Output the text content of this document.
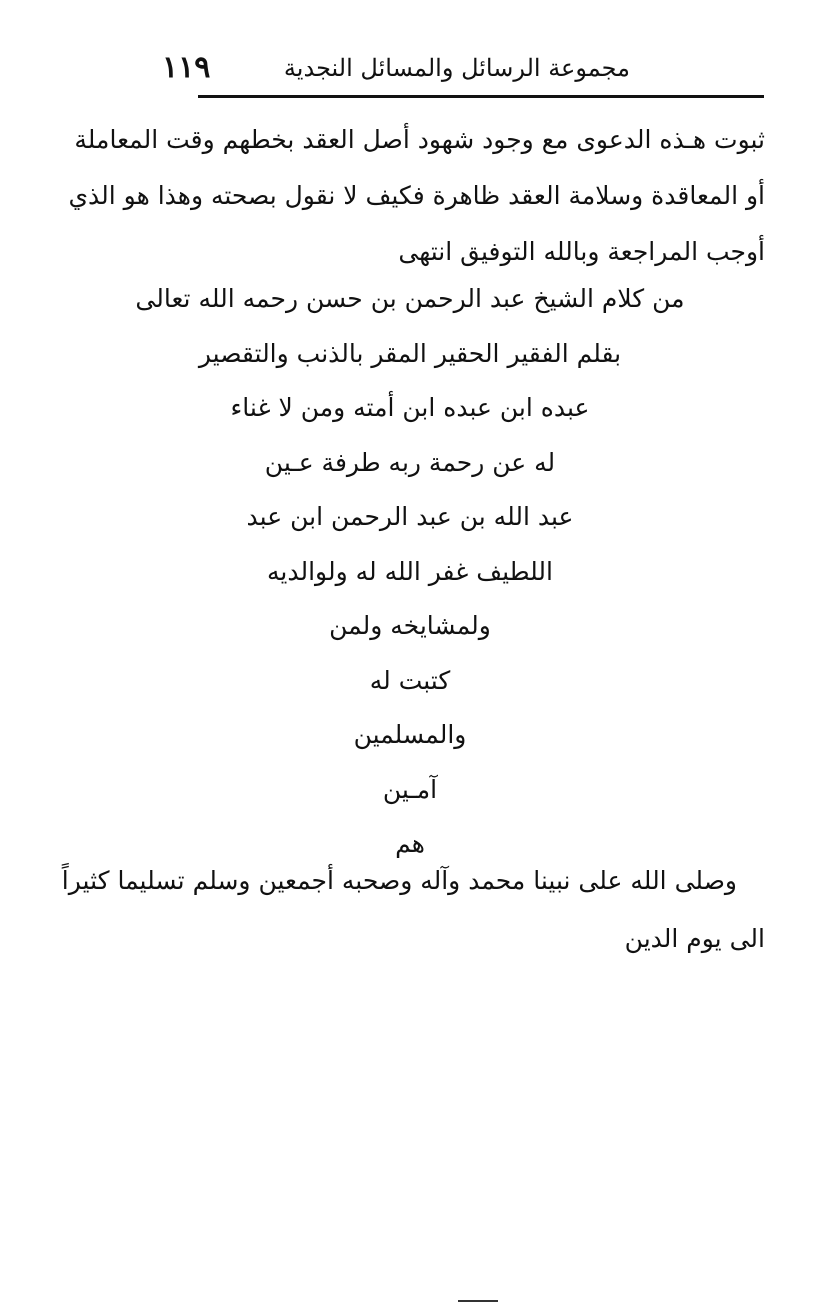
مجموعة الرسائل والمسائل النجدية
١١٩
ثبوت هـذه الدعوى مع وجود شهود أصل العقد بخطهم وقت المعاملة
أو المعاقدة وسلامة العقد ظاهرة فكيف لا نقول بصحته وهذا هو الذي
أوجب المراجعة وبالله التوفيق انتهى
من كلام الشيخ عبد الرحمن بن حسن رحمه الله تعالى
بقلم الفقير الحقير المقر بالذنب والتقصير
عبده ابن عبده ابن أمته ومن لا غناء
له عن رحمة ربه طرفة عـين
عبد الله بن عبد الرحمن ابن عبد
اللطيف غفر الله له ولوالديه
ولمشايخه ولمن
كتبت له
والمسلمين
آمـين
هم
وصلى الله على نبينا محمد وآله وصحبه أجمعين وسلم تسليما كثيراً
الى يوم الدين
